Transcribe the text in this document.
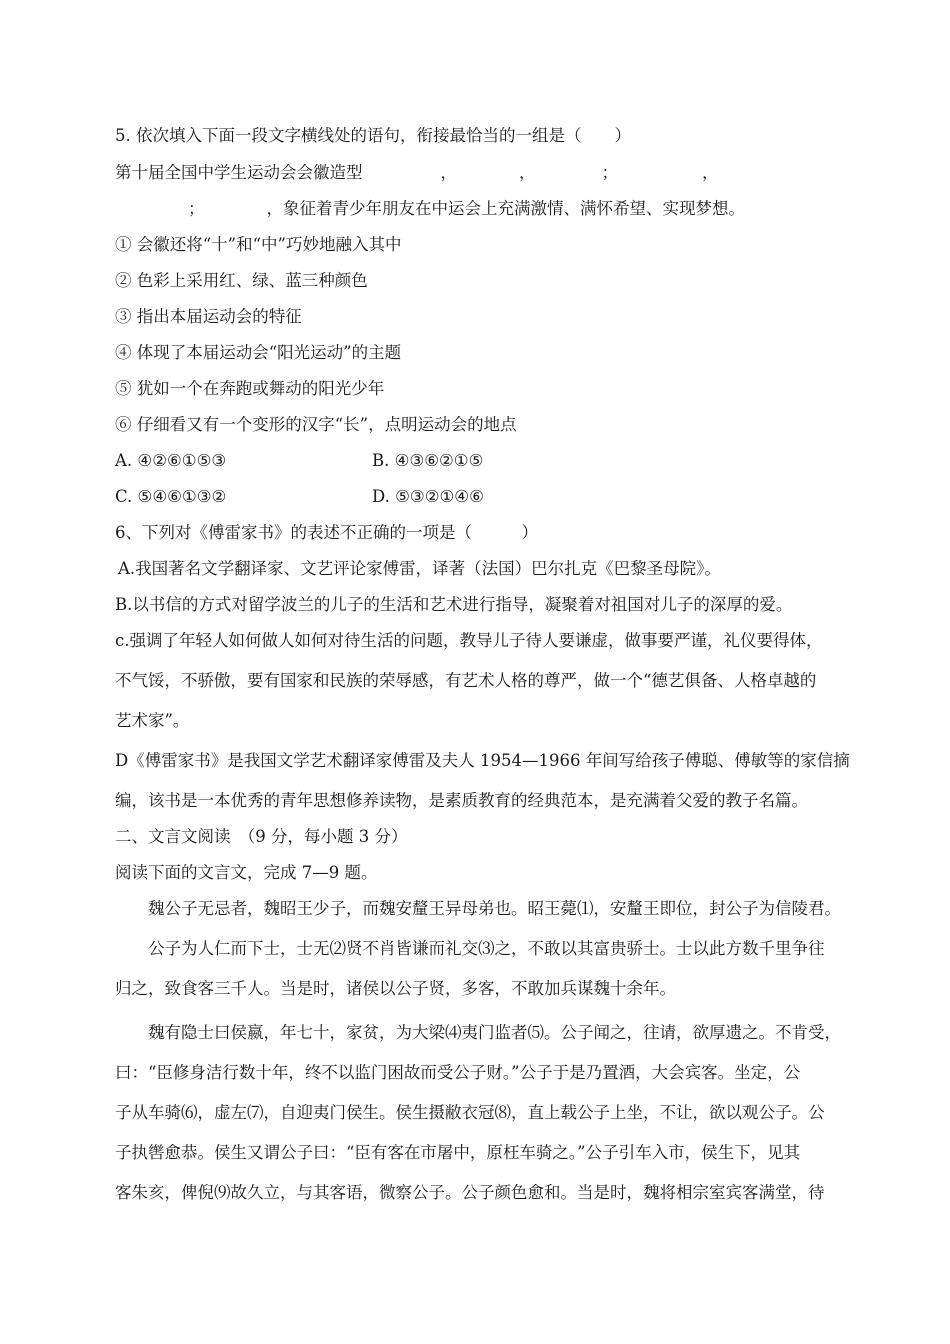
5. 依次填入下面一段文字横线处的语句，衔接最恰当的一组是（　　）
第十届全国中学生运动会会徽造型	，	，	；	，
；	，象征着青少年朋友在中运会上充满激情、满怀希望、实现梦想。
① 会徽还将“十”和“中”巧妙地融入其中
② 色彩上采用红、绿、蓝三种颜色
③ 指出本届运动会的特征
④ 体现了本届运动会“阳光运动”的主题
⑤ 犹如一个在奔跑或舞动的阳光少年
⑥ 仔细看又有一个变形的汉字“长”，点明运动会的地点
A. ④②⑥①⑤③	B. ④③⑥②①⑤
C. ⑤④⑥①③②	D. ⑤③②①④⑥
6、下列对《傅雷家书》的表述不正确的一项是（　　　）
A.我国著名文学翻译家、文艺评论家傅雷，译著（法国）巴尔扎克《巴黎圣母院》。
B.以书信的方式对留学波兰的儿子的生活和艺术进行指导，凝聚着对祖国对儿子的深厚的爱。
c.强调了年轻人如何做人如何对待生活的问题，教导儿子待人要谦虚，做事要严谨，礼仪要得体，
不气馁，不骄傲，要有国家和民族的荣辱感，有艺术人格的尊严，做一个“德艺俱备、人格卓越的
艺术家”。
D《傅雷家书》是我国文学艺术翻译家傅雷及夫人 1954—1966 年间写给孩子傅聪、傅敏等的家信摘
编，该书是一本优秀的青年思想修养读物，是素质教育的经典范本，是充满着父爱的教子名篇。
二、文言文阅读　（9 分，每小题 3 分）
阅读下面的文言文，完成 7—9 题。
魏公子无忌者，魏昭王少子，而魏安釐王异母弟也。昭王薨⑴，安釐王即位，封公子为信陵君。
公子为人仁而下士，士无⑵贤不肖皆谦而礼交⑶之，不敢以其富贵骄士。士以此方数千里争往
归之，致食客三千人。当是时，诸侯以公子贤，多客，不敢加兵谋魏十余年。
魏有隐士曰侯嬴，年七十，家贫，为大梁⑷夷门监者⑸。公子闻之，往请，欲厚遗之。不肯受，
曰：“臣修身洁行数十年，终不以监门困故而受公子财。”公子于是乃置酒，大会宾客。坐定，公
子从车骑⑹，虚左⑺，自迎夷门侯生。侯生摄敝衣冠⑻，直上载公子上坐，不让，欲以观公子。公
子执辔愈恭。侯生又谓公子曰：“臣有客在市屠中，原枉车骑之。”公子引车入市，侯生下，见其
客朱亥，俾倪⑼故久立，与其客语，微察公子。公子颜色愈和。当是时，魏将相宗室宾客满堂，待
